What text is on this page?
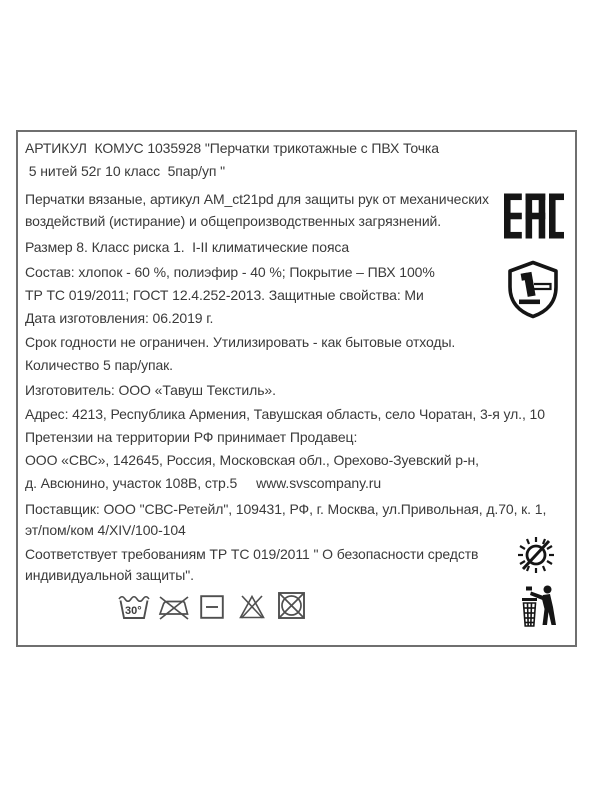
АРТИКУЛ  КОМУС 1035928 "Перчатки трикотажные с ПВХ Точка
5 нитей 52г 10 класс  5пар/уп "
Перчатки вязаные, артикул AM_ct21pd для защиты рук от механических
воздействий (истирание) и общепроизводственных загрязнений.
Размер 8. Класс риска 1.  I-II климатические пояса
Состав: хлопок - 60 %, полиэфир - 40 %; Покрытие – ПВХ 100%
ТР ТС 019/2011; ГОСТ 12.4.252-2013. Защитные свойства: Ми
Дата изготовления: 06.2019 г.
Срок годности не ограничен. Утилизировать - как бытовые отходы.
Количество 5 пар/упак.
Изготовитель: ООО «Тавуш Текстиль».
Адрес: 4213, Республика Армения, Тавушская область, село Чоратан, 3-я ул., 10
Претензии на территории РФ принимает Продавец:
ООО «СВС», 142645, Россия, Московская обл., Орехово-Зуевский р-н,
д. Авсюнино, участок 108В, стр.5     www.svscompany.ru
Поставщик: ООО "СВС-Ретейл", 109431, РФ, г. Москва, ул.Привольная, д.70, к. 1,
эт/пом/ком 4/XIV/100-104
Соответствует требованиям ТР ТС 019/2011 " О безопасности средств
индивидуальной защиты".
30°
